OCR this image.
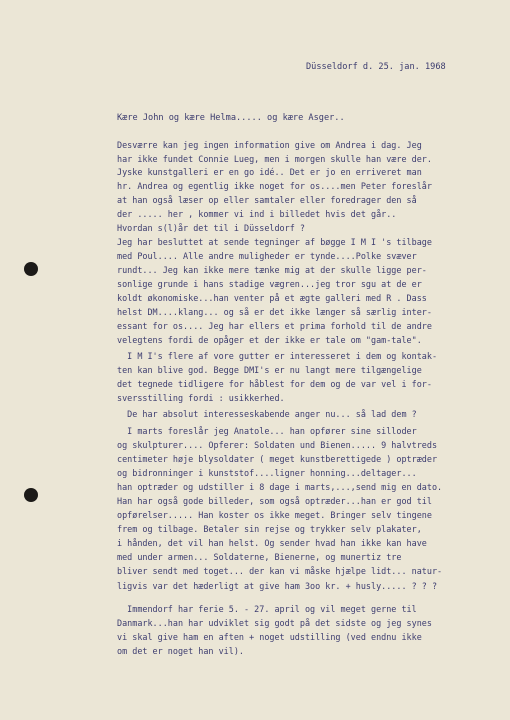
Düsseldorf d. 25. jan. 1968
Kære John og kære Helma..... og kære Asger..
Desværre kan jeg ingen information give om Andrea i dag. Jeg
har ikke fundet Connie Lueg, men i morgen skulle han være der.
Jyske kunstgalleri er en go idé.. Det er jo en erriveret man
hr. Andrea og egentlig ikke noget for os....men Peter foreslår
at han også læser op eller samtaler eller foredrager den så
der ..... her , kommer vi ind i billedet hvis det går..
Hvordan s(l)år det til i Düsseldorf ?
Jeg har besluttet at sende tegninger af bøgge I M I 's tilbage
med Poul.... Alle andre muligheder er tynde....Polke svæver
rundt... Jeg kan ikke mere tænke mig at der skulle ligge per-
sonlige grunde i hans stadige vægren...jeg tror sgu at de er
koldt økonomiske...han venter på et ægte galleri med R . Dass
helst DM....klang... og så er det ikke længer så særlig inter-
essant for os.... Jeg har ellers et prima forhold til de andre
velegtens fordi de opåger et der ikke er tale om "gam-tale".
I M I's flere af vore gutter er interesseret i dem og kontak-
ten kan blive god. Begge DMI's er nu langt mere tilgængelige
det tegnede tidligere for håblest for dem og de var vel i for-
sversstilling fordi : usikkerhed.
De har absolut interesseskabende anger nu... så lad dem ?
I marts foreslår jeg Anatole... han opfører sine silloder
og skulpturer.... Opferer: Soldaten und Bienen..... 9 halvtreds
centimeter høje blysoldater ( meget kunstberettigede ) optræder
og bidronninger i kunststof....ligner honning...deltager...
han optræder og udstiller i 8 dage i marts,...,send mig en dato.
Han har også gode billeder, som også optræder...han er god til
opførelser..... Han koster os ikke meget. Bringer selv tingene
frem og tilbage. Betaler sin rejse og trykker selv plakater,
i hånden, det vil han helst. Og sender hvad han ikke kan have
med under armen... Soldaterne, Bienerne, og munertiz tre
bliver sendt med toget... der kan vi måske hjælpe lidt... natur-
ligvis var det hæderligt at give ham 3oo kr. + husly..... ? ? ?
Immendorf har ferie 5. - 27. april og vil meget gerne til
Danmark...han har udviklet sig godt på det sidste og jeg synes
vi skal give ham en aften + noget udstilling (ved endnu ikke
om det er noget han vil).
